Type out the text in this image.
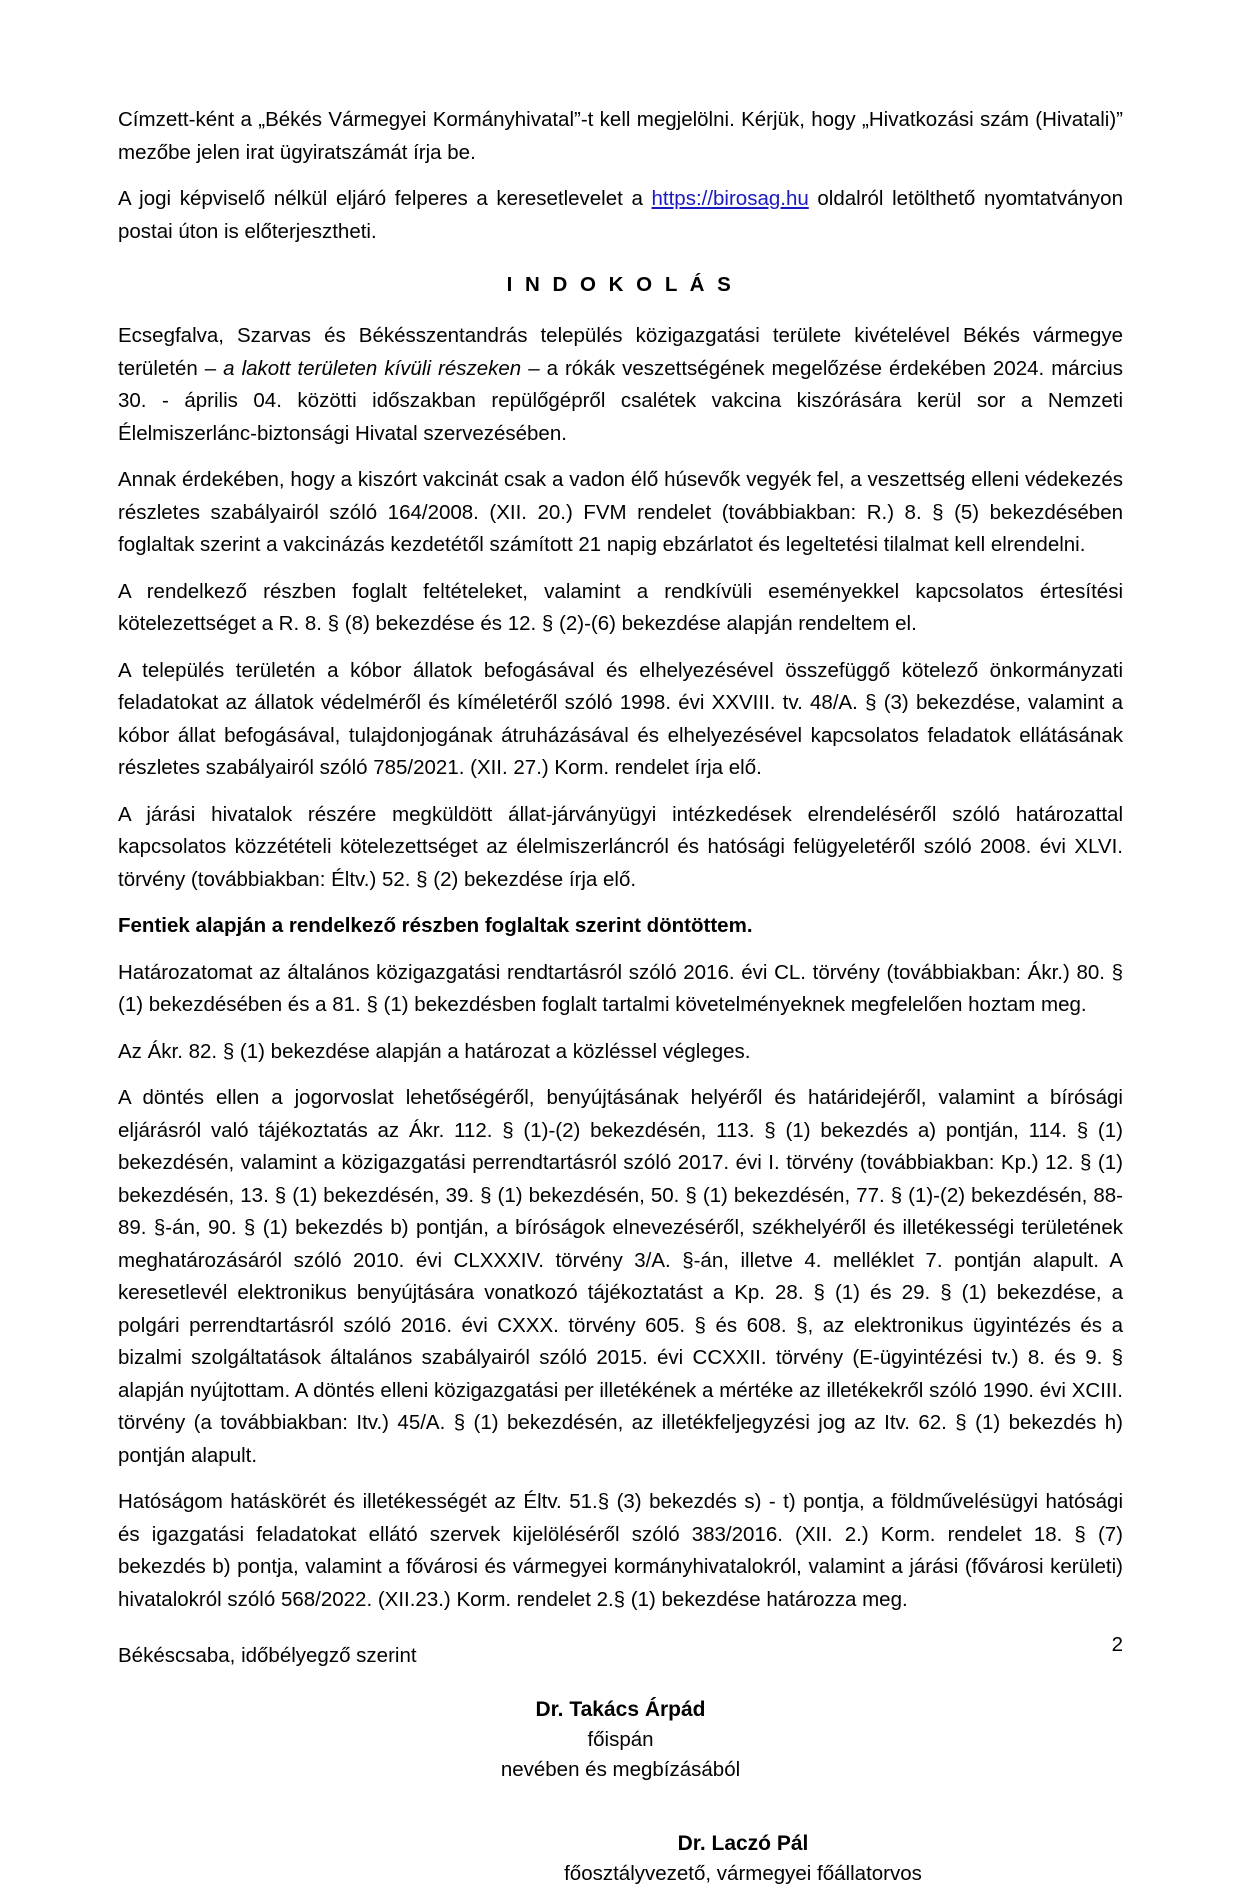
Címzett-ként a „Békés Vármegyei Kormányhivatal”-t kell megjelölni. Kérjük, hogy „Hivatkozási szám (Hivatali)” mezőbe jelen irat ügyiratszámát írja be.

A jogi képviselő nélkül eljáró felperes a keresetlevelet a https://birosag.hu oldalról letölthető nyomtatványon postai úton is előterjesztheti.

I N D O K O L Á S

Ecsegfalva, Szarvas és Békésszentandrás település közigazgatási területe kivételével Békés vármegye területén – a lakott területen kívüli részeken – a rókák veszettségének megelőzése érdekében 2024. március 30. - április 04. közötti időszakban repülőgépről csalétek vakcina kiszórására kerül sor a Nemzeti Élelmiszerlánc-biztonsági Hivatal szervezésében.

Annak érdekében, hogy a kiszórt vakcinát csak a vadon élő húsevők vegyék fel, a veszettség elleni védekezés részletes szabályairól szóló 164/2008. (XII. 20.) FVM rendelet (továbbiakban: R.) 8. § (5) bekezdésében foglaltak szerint a vakcinázás kezdetétől számított 21 napig ebzárlatot és legeltetési tilalmat kell elrendelni.

A rendelkező részben foglalt feltételeket, valamint a rendkívüli eseményekkel kapcsolatos értesítési kötelezettséget a R. 8. § (8) bekezdése és 12. § (2)-(6) bekezdése alapján rendeltem el.

A település területén a kóbor állatok befogásával és elhelyezésével összefüggő kötelező önkormányzati feladatokat az állatok védelméről és kíméletéről szóló 1998. évi XXVIII. tv. 48/A. § (3) bekezdése, valamint a kóbor állat befogásával, tulajdonjogának átruházásával és elhelyezésével kapcsolatos feladatok ellátásának részletes szabályairól szóló 785/2021. (XII. 27.) Korm. rendelet írja elő.

A járási hivatalok részére megküldött állat-járványügyi intézkedések elrendeléséről szóló határozattal kapcsolatos közzétételi kötelezettséget az élelmiszerláncról és hatósági felügyeletéről szóló 2008. évi XLVI. törvény (továbbiakban: Éltv.) 52. § (2) bekezdése írja elő.

Fentiek alapján a rendelkező részben foglaltak szerint döntöttem.

Határozatomat az általános közigazgatási rendtartásról szóló 2016. évi CL. törvény (továbbiakban: Ákr.) 80. § (1) bekezdésében és a 81. § (1) bekezdésben foglalt tartalmi követelményeknek megfelelően hoztam meg.

Az Ákr. 82. § (1) bekezdése alapján a határozat a közléssel végleges.

A döntés ellen a jogorvoslat lehetőségéről, benyújtásának helyéről és határidejéről, valamint a bírósági eljárásról való tájékoztatás az Ákr. 112. § (1)-(2) bekezdésén, 113. § (1) bekezdés a) pontján, 114. § (1) bekezdésén, valamint a közigazgatási perrendtartásról szóló 2017. évi I. törvény (továbbiakban: Kp.) 12. § (1) bekezdésén, 13. § (1) bekezdésén, 39. § (1) bekezdésén, 50. § (1) bekezdésén, 77. § (1)-(2) bekezdésén, 88-89. §-án, 90. § (1) bekezdés b) pontján, a bíróságok elnevezéséről, székhelyéről és illetékességi területének meghatározásáról szóló 2010. évi CLXXXIV. törvény 3/A. §-án, illetve 4. melléklet 7. pontján alapult. A keresetlevél elektronikus benyújtására vonatkozó tájékoztatást a Kp. 28. § (1) és 29. § (1) bekezdése, a polgári perrendtartásról szóló 2016. évi CXXX. törvény 605. § és 608. §, az elektronikus ügyintézés és a bizalmi szolgáltatások általános szabályairól szóló 2015. évi CCXXII. törvény (E-ügyintézési tv.) 8. és 9. § alapján nyújtottam. A döntés elleni közigazgatási per illetékének a mértéke az illetékekről szóló 1990. évi XCIII. törvény (a továbbiakban: Itv.) 45/A. § (1) bekezdésén, az illetékfeljegyzési jog az Itv. 62. § (1) bekezdés h) pontján alapult.

Hatóságom hatáskörét és illetékességét az Éltv. 51.§ (3) bekezdés s) - t) pontja, a földművelésügyi hatósági és igazgatási feladatokat ellátó szervek kijelöléséről szóló 383/2016. (XII. 2.) Korm. rendelet 18. § (7) bekezdés b) pontja, valamint a fővárosi és vármegyei kormányhivatalokról, valamint a járási (fővárosi kerületi) hivatalokról szóló 568/2022. (XII.23.) Korm. rendelet 2.§ (1) bekezdése határozza meg.

Békéscsaba, időbélyegző szerint

Dr. Takács Árpád
főispán
nevében és megbízásából
Dr. Laczó Pál
főosztályvezető, vármegyei főállatorvos
2
